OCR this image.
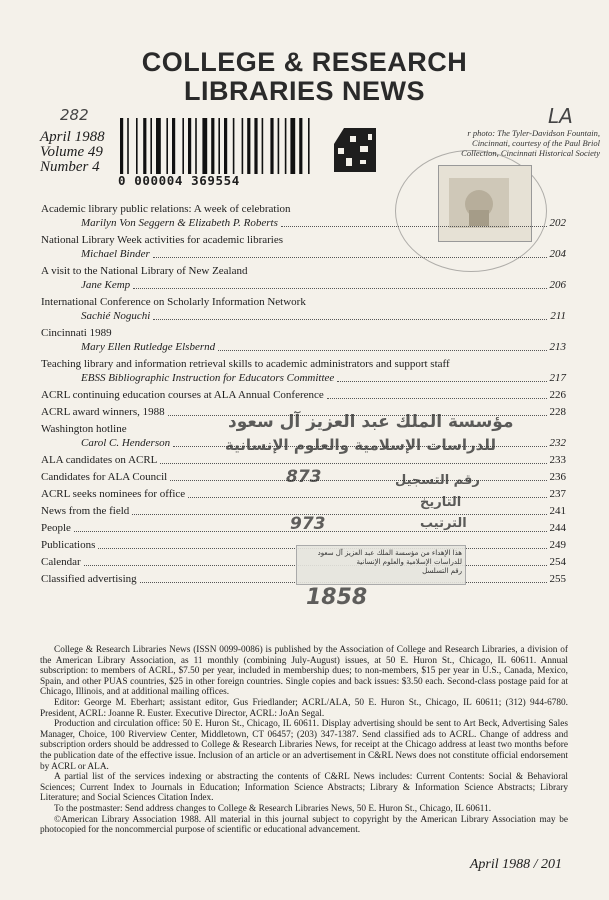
COLLEGE & RESEARCH
LIBRARIES NEWS
282	LA
April 1988
Volume 49
Number 4
0 000004 369554
r photo: The Tyler-Davidson Fountain,
Cincinnati, courtesy of the Paul Briol
Collection, Cincinnati Historical Society
Academic library public relations: A week of celebration
Marilyn Von Seggern & Elizabeth P. Roberts	202
National Library Week activities for academic libraries
Michael Binder	204
A visit to the National Library of New Zealand
Jane Kemp	206
International Conference on Scholarly Information Network
Sachié Noguchi	211
Cincinnati 1989
Mary Ellen Rutledge Elsbernd	213
Teaching library and information retrieval skills to academic administrators and support staff
EBSS Bibliographic Instruction for Educators Committee	217
ACRL continuing education courses at ALA Annual Conference	226
ACRL award winners, 1988	228
Washington hotline
Carol C. Henderson	232
ALA candidates on ACRL	233
Candidates for ALA Council	236
ACRL seeks nominees for office	237
News from the field	241
People	244
Publications	249
Calendar	254
Classified advertising	255
مؤسسة الملك عبد العزيز آل سعود
للدراسات الإسلامية والعلوم الإنسانية
رقم التسجيل
التاريخ
الترتيب
873
973
1858
هذا الإهداء من مؤسسة الملك عبد العزيز آل سعود
للدراسات الإسلامية والعلوم الإنسانية
رقم التسلسل

College & Research Libraries News (ISSN 0099-0086) is published by the Association of College and Research Libraries, a division of the American Library Association, as 11 monthly (combining July-August) issues, at 50 E. Huron St., Chicago, IL 60611. Annual subscription: to members of ACRL, $7.50 per year, included in membership dues; to non-members, $15 per year in U.S., Canada, Mexico, Spain, and other PUAS countries, $25 in other foreign countries. Single copies and back issues: $3.50 each. Second-class postage paid for at Chicago, Illinois, and at additional mailing offices.

Editor: George M. Eberhart; assistant editor, Gus Friedlander; ACRL/ALA, 50 E. Huron St., Chicago, IL 60611; (312) 944-6780. President, ACRL: Joanne R. Euster. Executive Director, ACRL: JoAn Segal.

Production and circulation office: 50 E. Huron St., Chicago, IL 60611. Display advertising should be sent to Art Beck, Advertising Sales Manager, Choice, 100 Riverview Center, Middletown, CT 06457; (203) 347-1387. Send classified ads to ACRL. Change of address and subscription orders should be addressed to College & Research Libraries News, for receipt at the Chicago address at least two months before the publication date of the effective issue. Inclusion of an article or an advertisement in C&RL News does not constitute official endorsement by ACRL or ALA.

A partial list of the services indexing or abstracting the contents of C&RL News includes: Current Contents: Social & Behavioral Sciences; Current Index to Journals in Education; Information Science Abstracts; Library & Information Science Abstracts; Library Literature; and Social Sciences Citation Index.

To the postmaster: Send address changes to College & Research Libraries News, 50 E. Huron St., Chicago, IL 60611.

©American Library Association 1988. All material in this journal subject to copyright by the American Library Association may be photocopied for the noncommercial purpose of scientific or educational advancement.

April 1988 / 201
